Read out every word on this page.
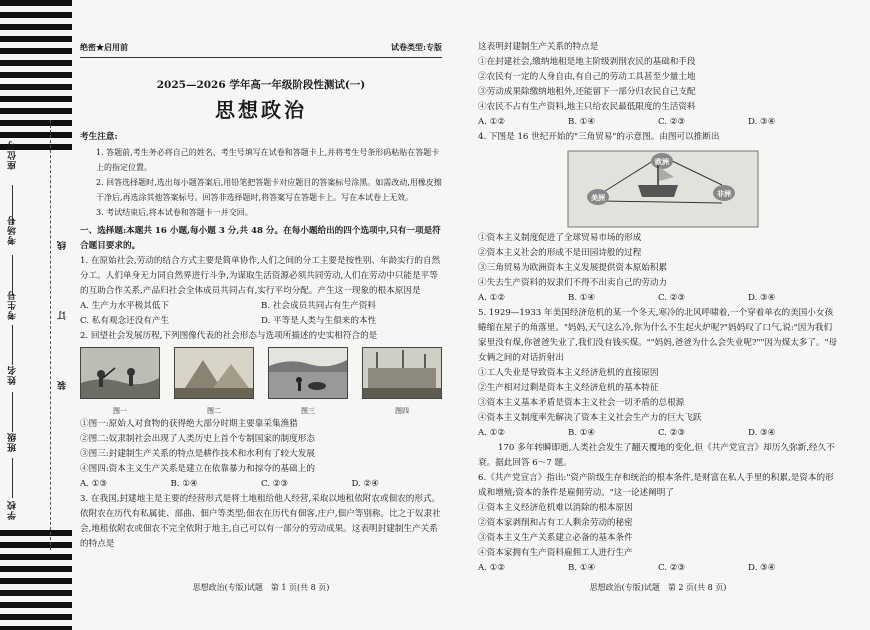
座位号
考场号
考生号
姓名
班级
学校
线
订
装
绝密★启用前	试卷类型:专版
2025—2026 学年高一年级阶段性测试(一)
思想政治
考生注意:
1. 答题前,考生务必将自己的姓名、考生号填写在试卷和答题卡上,并将考生号条形码粘贴在答题卡上的指定位置。
2. 回答选择题时,选出每小题答案后,用铅笔把答题卡对应题目的答案标号涂黑。如需改动,用橡皮擦干净后,再选涂其他答案标号。回答非选择题时,将答案写在答题卡上。写在本试卷上无效。
3. 考试结束后,将本试卷和答题卡一并交回。
一、选择题:本题共 16 小题,每小题 3 分,共 48 分。在每小题给出的四个选项中,只有一项是符合题目要求的。
1. 在原始社会,劳动的结合方式主要是简单协作,人们之间的分工主要是按性别、年龄实行的自然分工。人们单身无力同自然界进行斗争,为谋取生活资源必须共同劳动,人们在劳动中只能是平等的互助合作关系,产品归社会全体成员共同占有,实行平均分配。产生这一现象的根本原因是
A. 生产力水平极其低下	B. 社会成员共同占有生产资料
C. 私有观念还没有产生	D. 平等是人类与生俱来的本性
2. 回望社会发展历程,下列图像代表的社会形态与选项所描述的史实相符合的是
图一	图二	图三	图四
①图一:原始人对食物的获得绝大部分时期主要靠采集渔猎
②图二:奴隶制社会出现了人类历史上首个专制国家的制度形态
③图三:封建制生产关系的特点是耕作技术和水利有了较大发展
④图四:资本主义生产关系是建立在依靠暴力和掠夺的基础上的
A. ①③	B. ①④	C. ②③	D. ②④
3. 在我国,封建地主是主要的经营形式是将土地租给他人经营,采取以地租依附农或佃农的形式。依附农在历代有私属徒、部曲、佃户等类型;佃农在历代有佃客,庄户,佃户等别称。比之于奴隶社会,地租依附农或佃农不完全依附于地主,自己可以有一部分的劳动成果。这表明封建制生产关系的特点是
这表明封建制生产关系的特点是
①在封建社会,缴纳地租是地主阶级剥削农民的基础和手段
②农民有一定的人身自由,有自己的劳动工具甚至少量土地
③劳动成果除缴纳地租外,还能留下一部分归农民自己支配
④农民不占有生产资料,地主只给农民最低限度的生活资料
A. ①②	B. ①④	C. ②③	D. ③④
4. 下图是 16 世纪开始的"三角贸易"的示意图。由图可以推断出
欧洲
美洲	非洲
①资本主义制度促进了全球贸易市场的形成
②资本主义社会的形成不是田园诗般的过程
③三角贸易为欧洲资本主义发展提供资本原始积累
④失去生产资料的奴隶们不得不出卖自己的劳动力
A. ①②	B. ①④	C. ②③	D. ③④
5. 1929—1933 年美国经济危机的某一个冬天,寒冷的北风呼啸着,一个穿着单衣的美国小女孩蜷缩在屋子的角落里。"妈妈,天气这么冷,你为什么不生起火炉呢?"妈妈叹了口气,说:"因为我们家里没有煤,你爸爸失业了,我们没有钱买煤。""妈妈,爸爸为什么会失业呢?""因为煤太多了。"母女俩之间的对话折射出
①工人失业是导致资本主义经济危机的直接原因
②生产相对过剩是资本主义经济危机的基本特征
③资本主义基本矛盾是资本主义社会一切矛盾的总根源
④资本主义制度率先解决了资本主义社会生产力的巨大飞跃
A. ①②	B. ①④	C. ②③	D. ③④
170 多年转瞬即逝,人类社会发生了翻天覆地的变化,但《共产党宣言》却历久弥新,经久不衰。据此回答 6～7 题。
6.《共产党宣言》指出:"资产阶级生存和统治的根本条件,是财富在私人手里的积累,是资本的形成和增殖;资本的条件是雇佣劳动。"这一论述阐明了
①资本主义经济危机难以消除的根本原因
②资本家剥削和占有工人剩余劳动的秘密
③资本主义生产关系建立必备的基本条件
④资本家拥有生产资料雇佣工人进行生产
A. ①②	B. ①④	C. ②③	D. ③④
思想政治(专版)试题　第 1 页(共 8 页)	思想政治(专版)试题　第 2 页(共 8 页)
